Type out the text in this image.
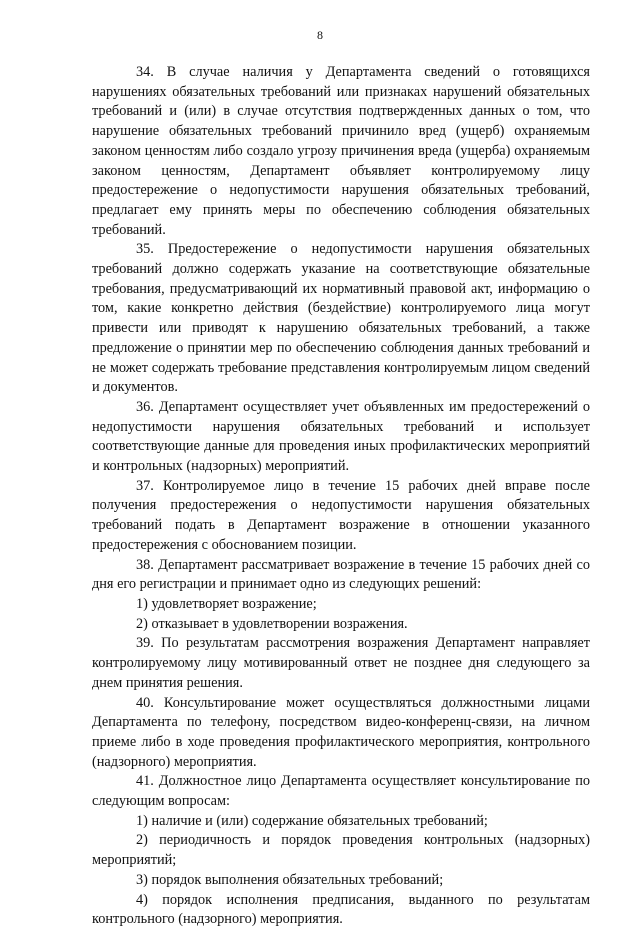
8

34. В случае наличия у Департамента сведений о готовящихся нарушениях обязательных требований или признаках нарушений обязательных требований и (или) в случае отсутствия подтвержденных данных о том, что нарушение обязательных требований причинило вред (ущерб) охраняемым законом ценностям либо создало угрозу причинения вреда (ущерба) охраняемым законом ценностям, Департамент объявляет контролируемому лицу предостережение о недопустимости нарушения обязательных требований, предлагает ему принять меры по обеспечению соблюдения обязательных требований.

35. Предостережение о недопустимости нарушения обязательных требований должно содержать указание на соответствующие обязательные требования, предусматривающий их нормативный правовой акт, информацию о том, какие конкретно действия (бездействие) контролируемого лица могут привести или приводят к нарушению обязательных требований, а также предложение о принятии мер по обеспечению соблюдения данных требований и не может содержать требование представления контролируемым лицом сведений и документов.

36. Департамент осуществляет учет объявленных им предостережений о недопустимости нарушения обязательных требований и использует соответствующие данные для проведения иных профилактических мероприятий и контрольных (надзорных) мероприятий.

37. Контролируемое лицо в течение 15 рабочих дней вправе после получения предостережения о недопустимости нарушения обязательных требований подать в Департамент возражение в отношении указанного предостережения с обоснованием позиции.

38. Департамент рассматривает возражение в течение 15 рабочих дней со дня его регистрации и принимает одно из следующих решений:

1) удовлетворяет возражение;

2) отказывает в удовлетворении возражения.

39. По результатам рассмотрения возражения Департамент направляет контролируемому лицу мотивированный ответ не позднее дня следующего за днем принятия решения.

40. Консультирование может осуществляться должностными лицами Департамента по телефону, посредством видео-конференц-связи, на личном приеме либо в ходе проведения профилактического мероприятия, контрольного (надзорного) мероприятия.

41. Должностное лицо Департамента осуществляет консультирование по следующим вопросам:

1) наличие и (или) содержание обязательных требований;

2) периодичность и порядок проведения контрольных (надзорных) мероприятий;

3) порядок выполнения обязательных требований;

4) порядок исполнения предписания, выданного по результатам контрольного (надзорного) мероприятия.
